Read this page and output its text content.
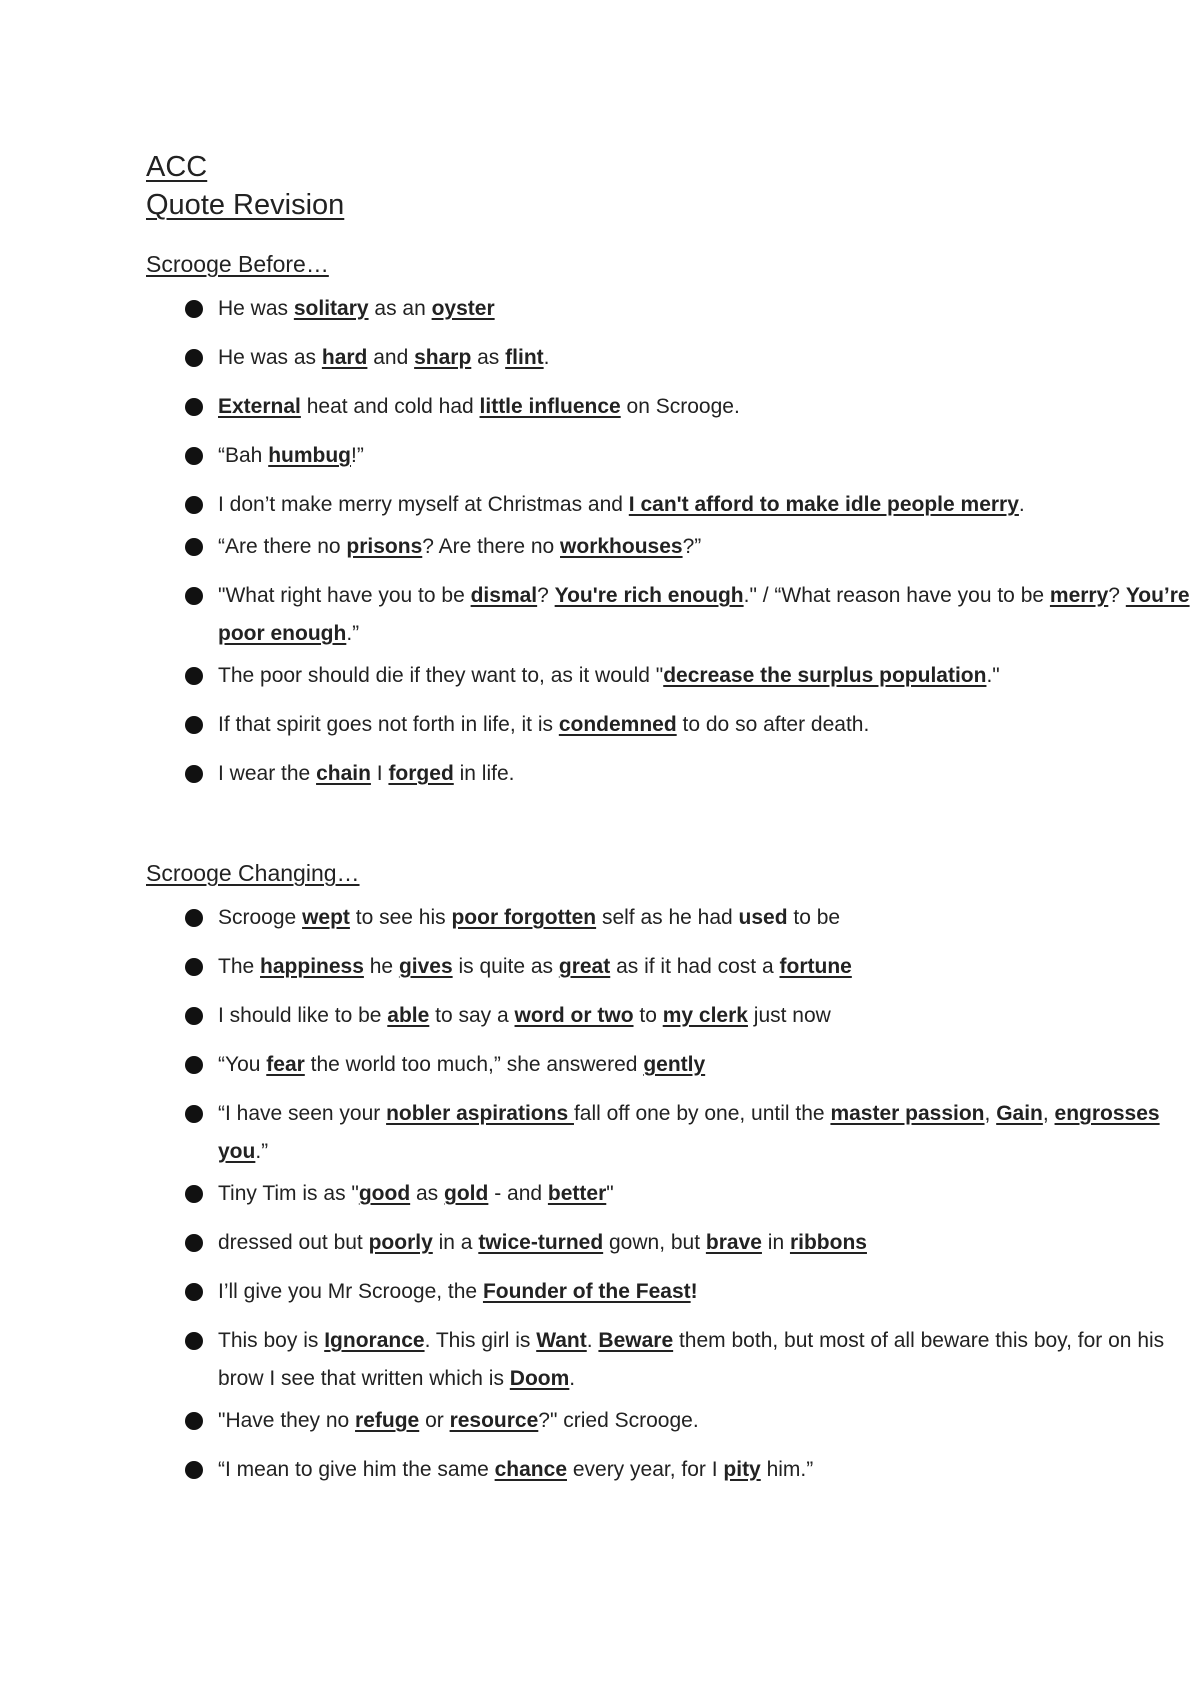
ACC
Quote Revision
Scrooge Before…
He was solitary as an oyster
He was as hard and sharp as flint.
External heat and cold had little influence on Scrooge.
“Bah humbug!”
I don’t make merry myself at Christmas and I can't afford to make idle people merry.
“Are there no prisons? Are there no workhouses?”
"What right have you to be dismal? You're rich enough." / “What reason have you to be merry? You’re poor enough.”
The poor should die if they want to, as it would "decrease the surplus population."
If that spirit goes not forth in life, it is condemned to do so after death.
I wear the chain I forged in life.
Scrooge Changing…
Scrooge wept to see his poor forgotten self as he had used to be
The happiness he gives is quite as great as if it had cost a fortune
I should like to be able to say a word or two to my clerk just now
“You fear the world too much,” she answered gently
“I have seen your nobler aspirations fall off one by one, until the master passion, Gain, engrosses you.”
Tiny Tim is as "good as gold - and better"
dressed out but poorly in a twice-turned gown, but brave in ribbons
I’ll give you Mr Scrooge, the Founder of the Feast!
This boy is Ignorance. This girl is Want. Beware them both, but most of all beware this boy, for on his brow I see that written which is Doom.
"Have they no refuge or resource?" cried Scrooge.
“I mean to give him the same chance every year, for I pity him.”
